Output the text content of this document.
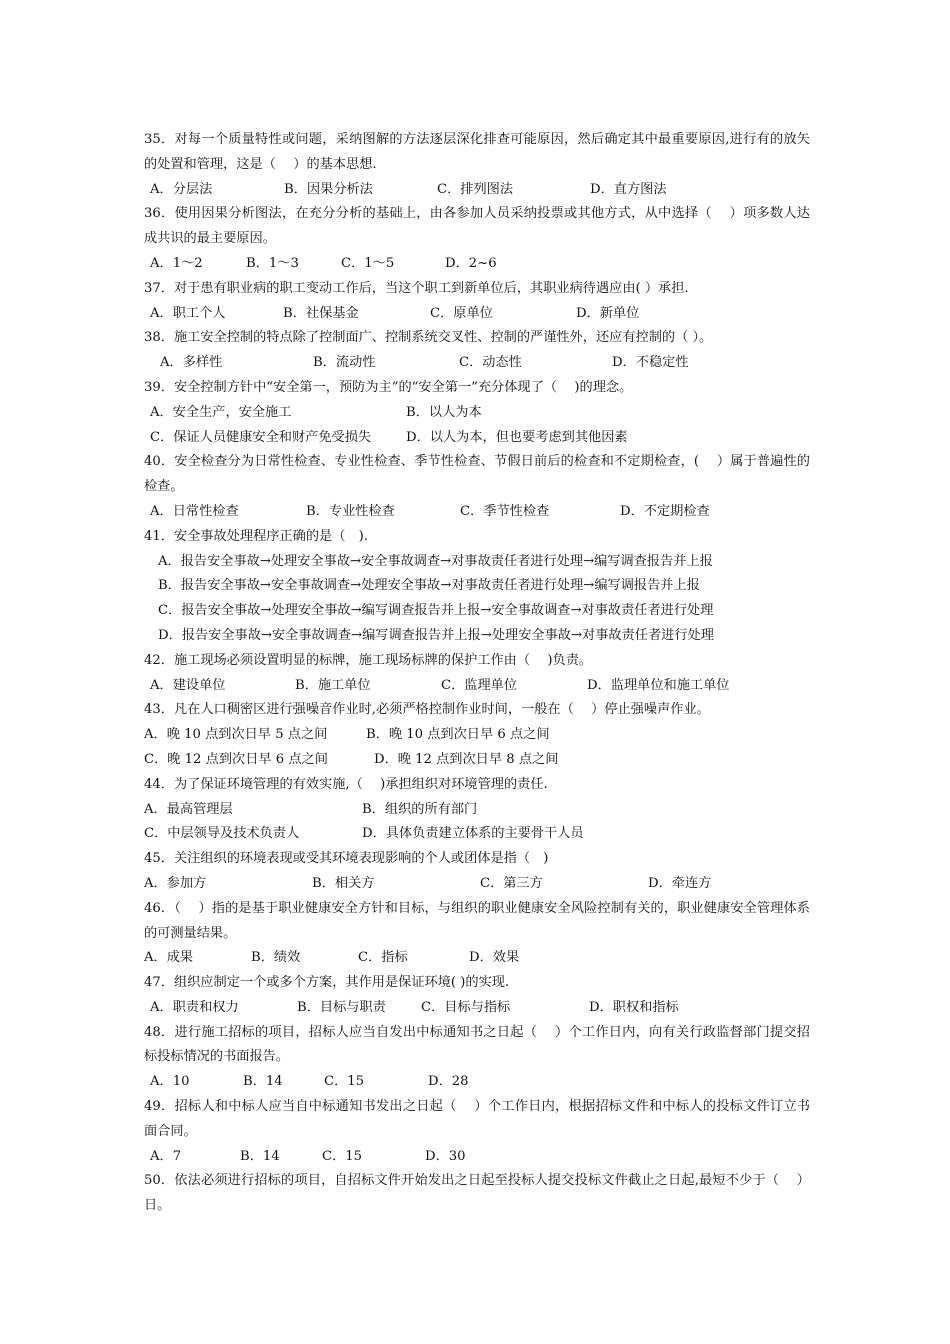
35．对每一个质量特性或问题，采纳图解的方法逐层深化排查可能原因，然后确定其中最重要原因,进行有的放矢的处置和管理，这是（　 ）的基本思想.

A．分层法	B．因果分析法	C．排列图法	D．直方图法

36．使用因果分析图法，在充分分析的基础上，由各参加人员采纳投票或其他方式，从中选择（　 ）项多数人达成共识的最主要原因。

A．1～2	B．1～3	C．1～5	D．2~6

37．对于患有职业病的职工变动工作后，当这个职工到新单位后，其职业病待遇应由( ）承担.

A．职工个人	B．社保基金	C．原单位	D．新单位

38．施工安全控制的特点除了控制面广、控制系统交叉性、控制的严谨性外，还应有控制的（ ）。

A．多样性	B．流动性	C．动态性	D．不稳定性

39．安全控制方针中“安全第一，预防为主”的“安全第一”充分体现了（　 )的理念。

A．安全生产，安全施工	B．以人为本
C．保证人员健康安全和财产免受损失	D．以人为本，但也要考虑到其他因素

40．安全检查分为日常性检查、专业性检查、季节性检查、节假日前后的检查和不定期检查，(　 ）属于普遍性的检查。

A．日常性检查	B．专业性检查	C．季节性检查	D．不定期检查

41．安全事故处理程序正确的是（　).

A．报告安全事故→处理安全事故→安全事故调查→对事故责任者进行处理→编写调查报告并上报
B．报告安全事故→安全事故调查→处理安全事故→对事故责任者进行处理→编写调报告并上报
C．报告安全事故→处理安全事故→编写调查报告并上报→安全事故调查→对事故责任者进行处理
D．报告安全事故→安全事故调查→编写调查报告并上报→处理安全事故→对事故责任者进行处理

42．施工现场必须设置明显的标牌，施工现场标牌的保护工作由（　 )负责。

A．建设单位	B．施工单位	C．监理单位	D．监理单位和施工单位

43．凡在人口稠密区进行强噪音作业时,必须严格控制作业时间，一般在（　 ）停止强噪声作业。

A．晚 10 点到次日早 5 点之间	B．晚 10 点到次日早 6 点之间
C．晚 12 点到次日早 6 点之间	D．晚 12 点到次日早 8 点之间

44．为了保证环境管理的有效实施,（　 )承担组织对环境管理的责任.

A．最高管理层	B．组织的所有部门
C．中层领导及技术负责人	D．具体负责建立体系的主要骨干人员

45．关注组织的环境表现或受其环境表现影响的个人或团体是指（　)

A．参加方	B．相关方	C．第三方	D．牵连方

46．（　 ）指的是基于职业健康安全方针和目标，与组织的职业健康安全风险控制有关的，职业健康安全管理体系的可测量结果。

A．成果	B．绩效	C．指标	D．效果

47．组织应制定一个或多个方案，其作用是保证环境( )的实现.

A．职责和权力	B．目标与职责	C．目标与指标	D．职权和指标

48．进行施工招标的项目，招标人应当自发出中标通知书之日起（　 ）个工作日内，向有关行政监督部门提交招标投标情况的书面报告。

A．10	B．14	C．15	D．28

49．招标人和中标人应当自中标通知书发出之日起（　 ）个工作日内，根据招标文件和中标人的投标文件订立书面合同。

A．7	B．14	C．15	D．30

50．依法必须进行招标的项目，自招标文件开始发出之日起至投标人提交投标文件截止之日起,最短不少于（　 ）日。
